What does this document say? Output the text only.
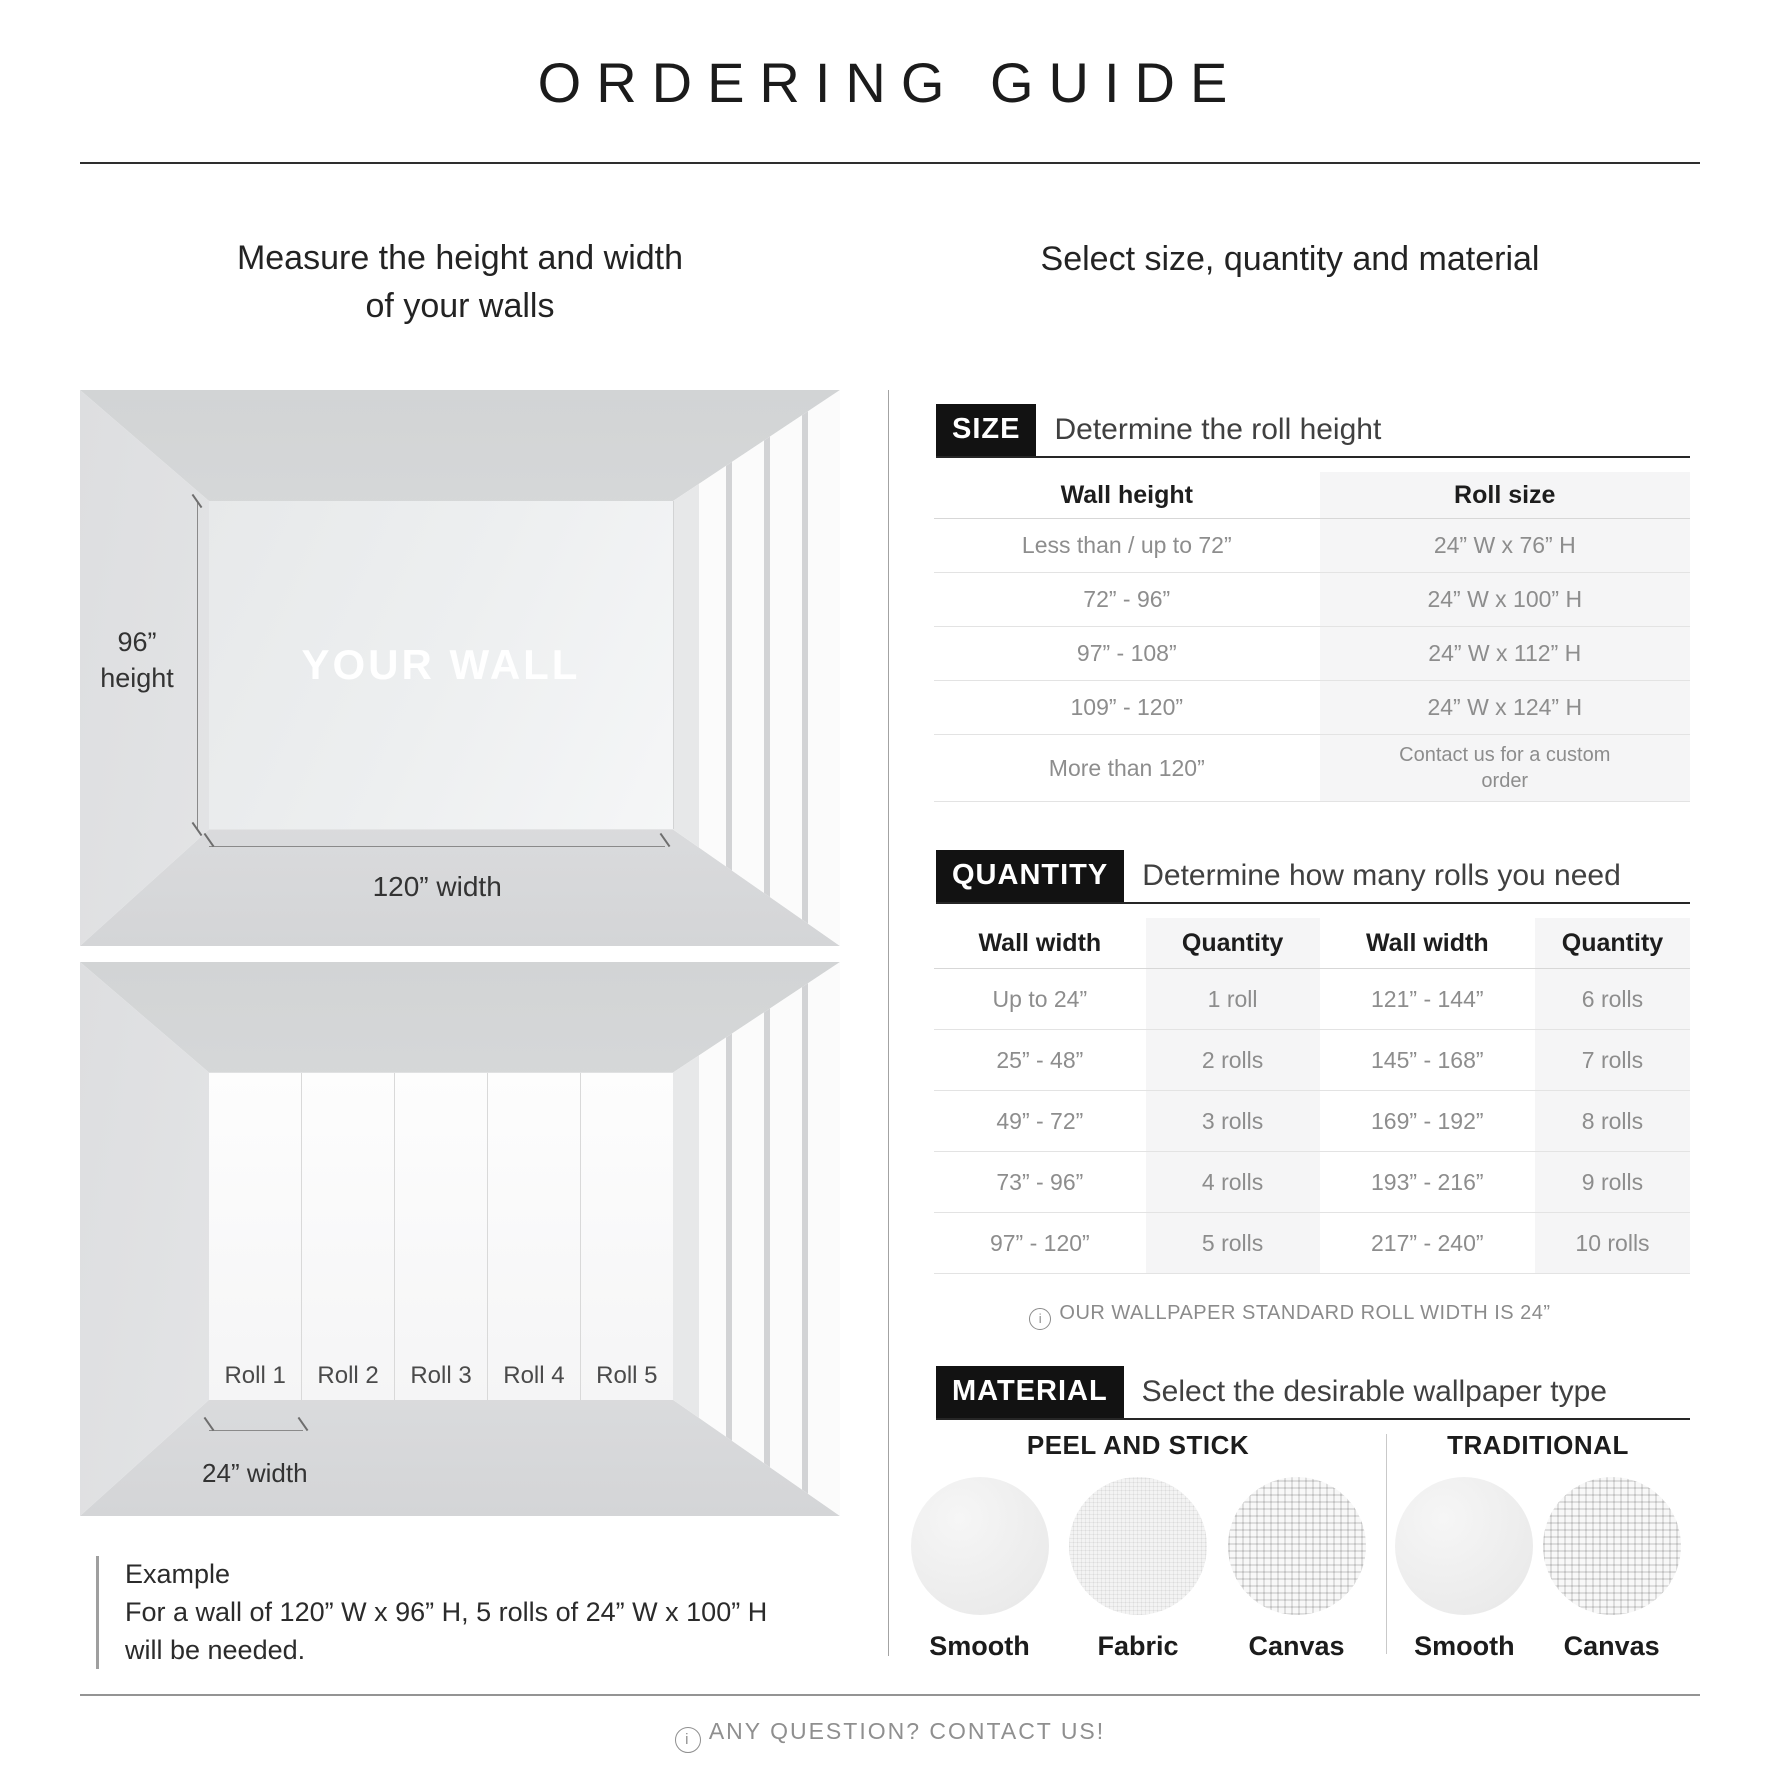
ORDERING GUIDE
Measure the height and width
of your walls
Select size, quantity and material
YOUR WALL
96”
height
120” width
Roll 1 Roll 2 Roll 3 Roll 4 Roll 5
24” width
Example
For a wall of 120” W x 96” H, 5 rolls of 24” W x 100” H
will be needed.
SIZE	Determine the roll height
Wall height	Roll size
Less than / up to 72”	24” W x 76” H
72” - 96”	24” W x 100” H
97” - 108”	24” W x 112” H
109” - 120”	24” W x 124” H
More than 120”	Contact us for a custom order
QUANTITY	Determine how many rolls you need
Wall width	Quantity	Wall width	Quantity
Up to 24”	1 roll	121” - 144”	6 rolls
25” - 48”	2 rolls	145” - 168”	7 rolls
49” - 72”	3 rolls	169” - 192”	8 rolls
73” - 96”	4 rolls	193” - 216”	9 rolls
97” - 120”	5 rolls	217” - 240”	10 rolls
i OUR WALLPAPER STANDARD ROLL WIDTH IS 24”
MATERIAL	Select the desirable wallpaper type
PEEL AND STICK
Smooth	Fabric	Canvas
TRADITIONAL
Smooth Canvas
i ANY QUESTION? CONTACT US!
